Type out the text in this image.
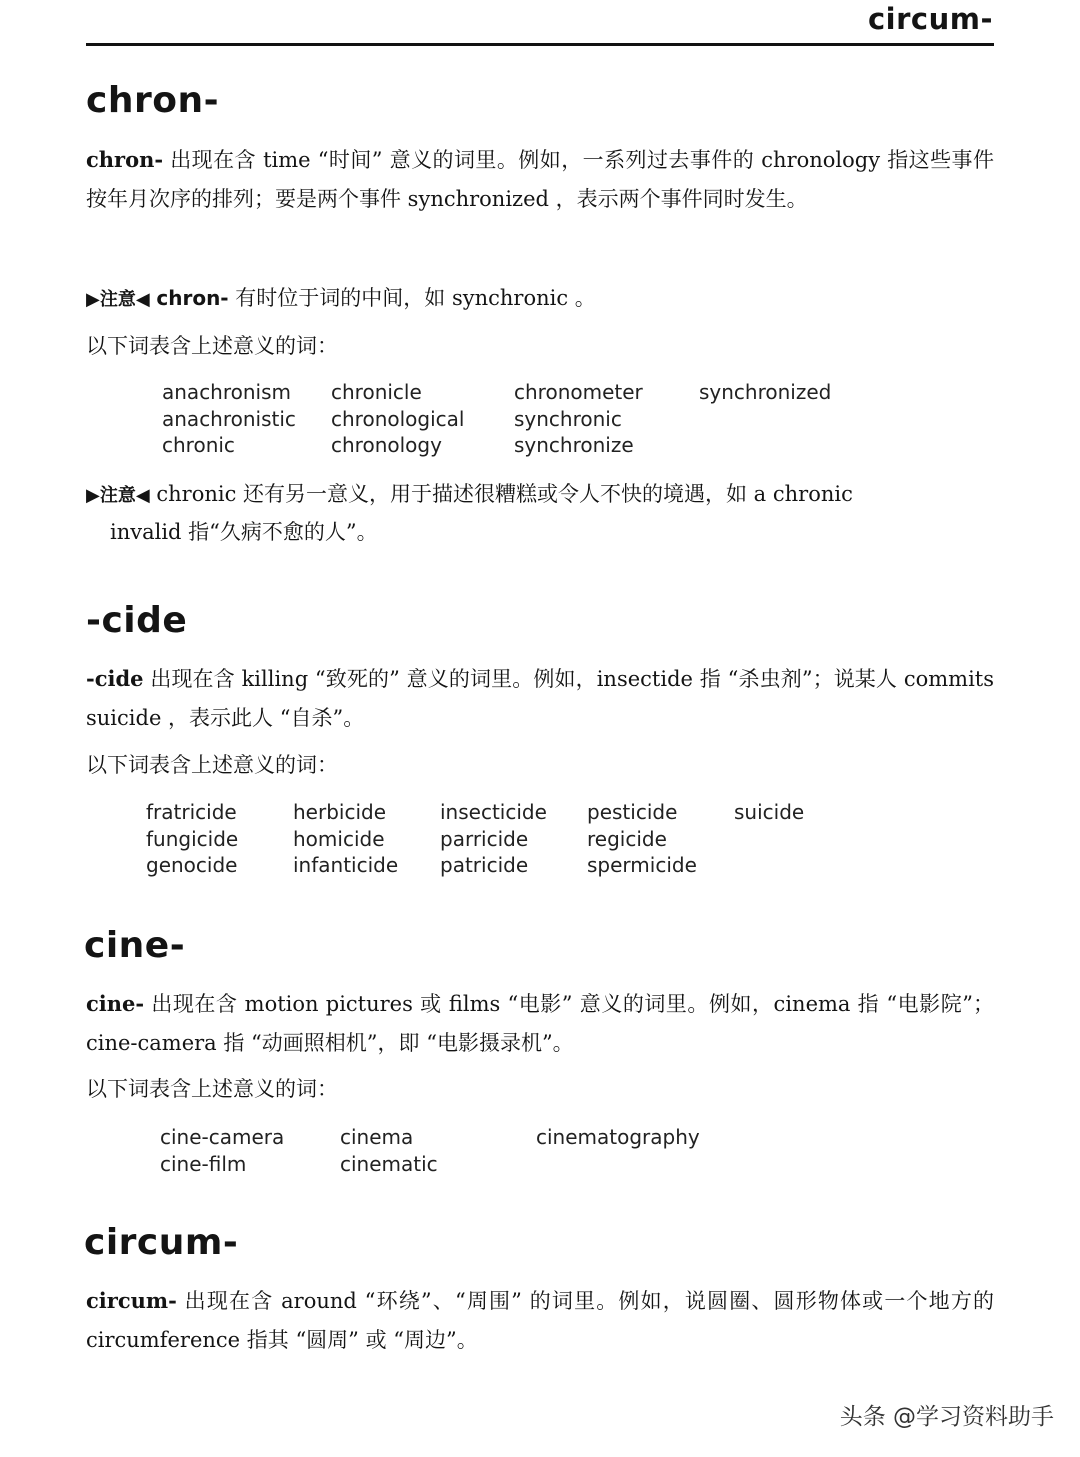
circum-
chron-

chron- 出现在含 time “时间” 意义的词里。例如，一系列过去事件的 chronology 指这些事件按年月次序的排列；要是两个事件 synchronized ，表示两个事件同时发生。

▶注意◀ chron- 有时位于词的中间，如 synchronic 。

以下词表含上述意义的词：

anachronism
anachronistic
chronic
chronicle
chronological
chronology
chronometer
synchronic
synchronize
synchronized

▶注意◀ chronic 还有另一意义，用于描述很糟糕或令人不快的境遇，如 a chronic
invalid 指“久病不愈的人”。

-cide

-cide 出现在含 killing “致死的” 意义的词里。例如，insectide 指 “杀虫剂”；说某人 commits suicide ，表示此人 “自杀”。

以下词表含上述意义的词：

fratricide
fungicide
genocide
herbicide
homicide
infanticide
insecticide
parricide
patricide
pesticide
regicide
spermicide
suicide
cine-

cine- 出现在含 motion pictures 或 films “电影” 意义的词里。例如，cinema 指 “电影院”；cine-camera 指 “动画照相机”，即 “电影摄录机”。

以下词表含上述意义的词：

cine-camera
cine-film
cinema
cinematic
cinematography
circum-

circum- 出现在含 around “环绕”、“周围” 的词里。例如，说圆圈、圆形物体或一个地方的 circumference 指其 “圆周” 或 “周边”。

头条 @学习资料助手
